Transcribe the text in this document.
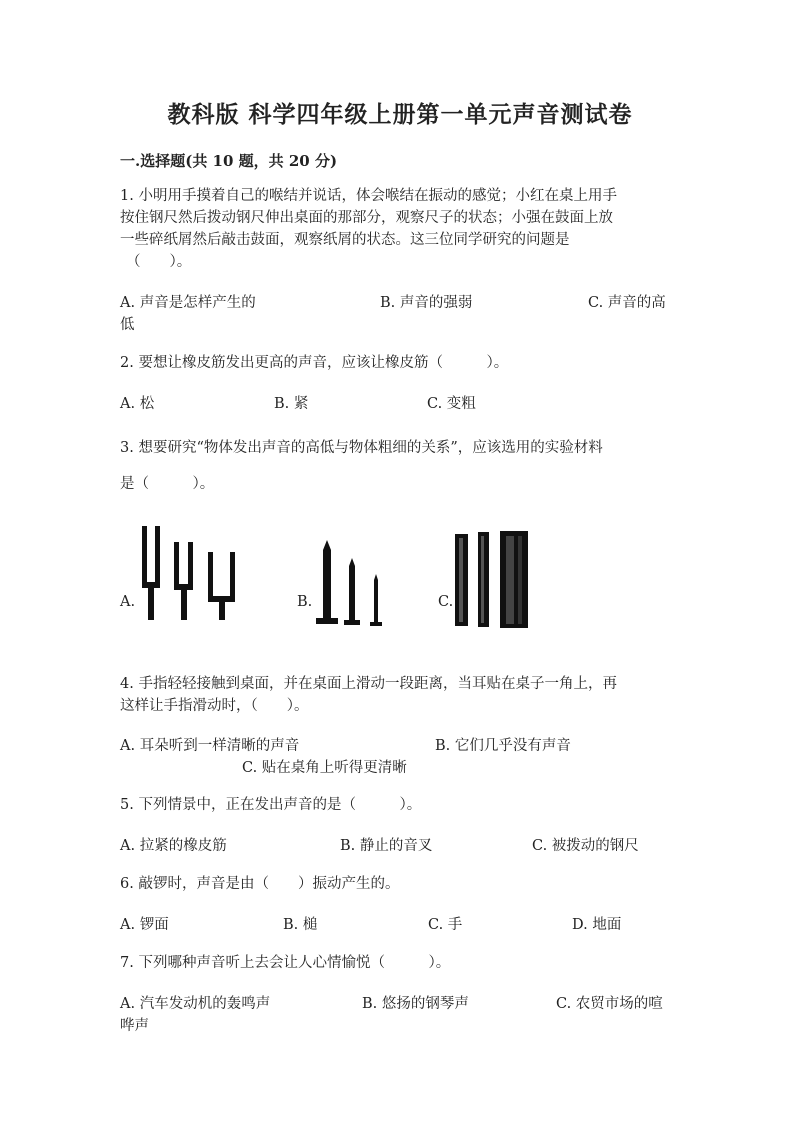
教科版 科学四年级上册第一单元声音测试卷
一.选择题(共 10 题，共 20 分)
1. 小明用手摸着自己的喉结并说话，体会喉结在振动的感觉；小红在桌上用手
按住钢尺然后拨动钢尺伸出桌面的那部分，观察尺子的状态；小强在鼓面上放
一些碎纸屑然后敲击鼓面，观察纸屑的状态。这三位同学研究的问题是
（　　）。
A. 声音是怎样产生的	B. 声音的强弱	C. 声音的高
低
2. 要想让橡皮筋发出更高的声音，应该让橡皮筋（　　　）。
A. 松	B. 紧	C. 变粗
3. 想要研究“物体发出声音的高低与物体粗细的关系”，应该选用的实验材料
是（　　　）。
A.	B.	C.
4. 手指轻轻接触到桌面，并在桌面上滑动一段距离，当耳贴在桌子一角上，再
这样让手指滑动时，（　　）。
A. 耳朵听到一样清晰的声音	B. 它们几乎没有声音
C. 贴在桌角上听得更清晰
5. 下列情景中，正在发出声音的是（　　　）。
A. 拉紧的橡皮筋	B. 静止的音叉	C. 被拨动的钢尺
6. 敲锣时，声音是由（　　）振动产生的。
A. 锣面	B. 槌	C. 手	D. 地面
7. 下列哪种声音听上去会让人心情愉悦（　　　）。
A. 汽车发动机的轰鸣声	B. 悠扬的钢琴声	C. 农贸市场的喧
哗声
